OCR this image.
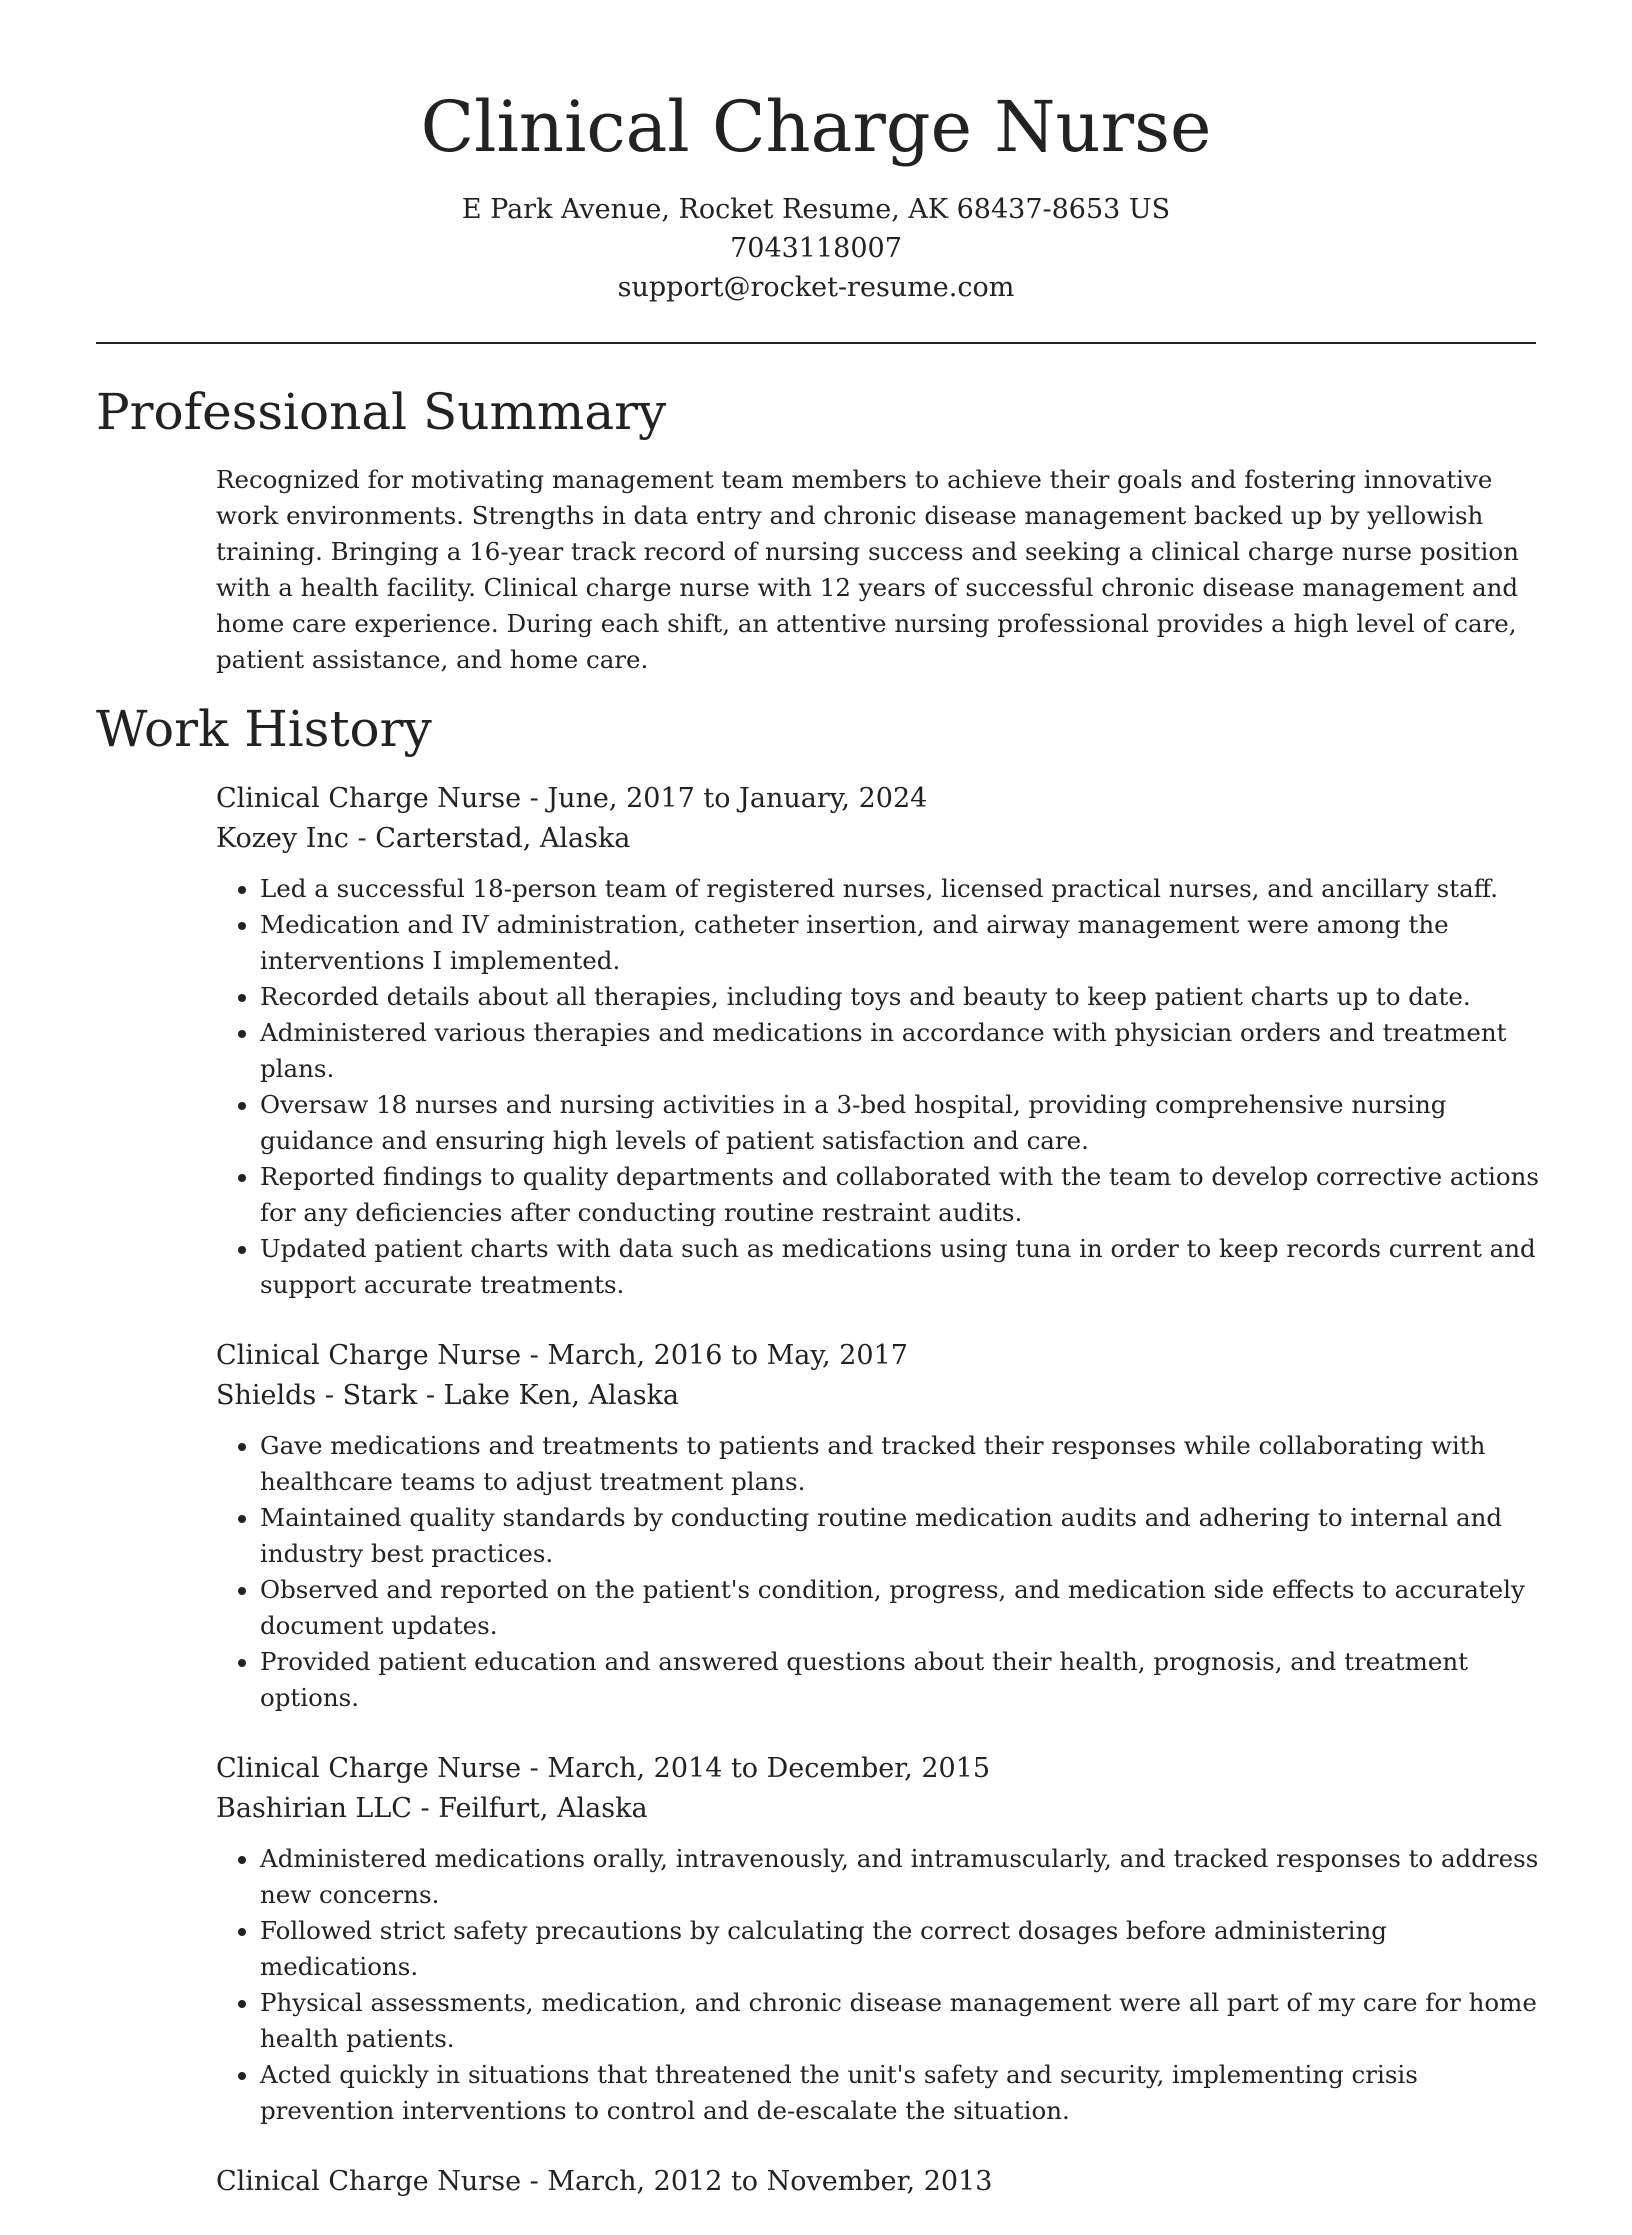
Clinical Charge Nurse
E Park Avenue, Rocket Resume, AK 68437-8653 US
7043118007
support@rocket-resume.com
Professional Summary

Recognized for motivating management team members to achieve their goals and fostering innovative work environments. Strengths in data entry and chronic disease management backed up by yellowish training. Bringing a 16-year track record of nursing success and seeking a clinical charge nurse position with a health facility. Clinical charge nurse with 12 years of successful chronic disease management and home care experience. During each shift, an attentive nursing professional provides a high level of care, patient assistance, and home care.

Work History
Clinical Charge Nurse - June, 2017 to January, 2024
Kozey Inc - Carterstad, Alaska
• Led a successful 18-person team of registered nurses, licensed practical nurses, and ancillary staff.
• Medication and IV administration, catheter insertion, and airway management were among the interventions I implemented.
• Recorded details about all therapies, including toys and beauty to keep patient charts up to date.
• Administered various therapies and medications in accordance with physician orders and treatment plans.
• Oversaw 18 nurses and nursing activities in a 3-bed hospital, providing comprehensive nursing guidance and ensuring high levels of patient satisfaction and care.
• Reported findings to quality departments and collaborated with the team to develop corrective actions for any deficiencies after conducting routine restraint audits.
• Updated patient charts with data such as medications using tuna in order to keep records current and support accurate treatments.
Clinical Charge Nurse - March, 2016 to May, 2017
Shields - Stark - Lake Ken, Alaska
• Gave medications and treatments to patients and tracked their responses while collaborating with healthcare teams to adjust treatment plans.
• Maintained quality standards by conducting routine medication audits and adhering to internal and industry best practices.
• Observed and reported on the patient's condition, progress, and medication side effects to accurately document updates.
• Provided patient education and answered questions about their health, prognosis, and treatment options.
Clinical Charge Nurse - March, 2014 to December, 2015
Bashirian LLC - Feilfurt, Alaska
• Administered medications orally, intravenously, and intramuscularly, and tracked responses to address new concerns.
• Followed strict safety precautions by calculating the correct dosages before administering medications.
• Physical assessments, medication, and chronic disease management were all part of my care for home health patients.
• Acted quickly in situations that threatened the unit's safety and security, implementing crisis prevention interventions to control and de-escalate the situation.
Clinical Charge Nurse - March, 2012 to November, 2013
